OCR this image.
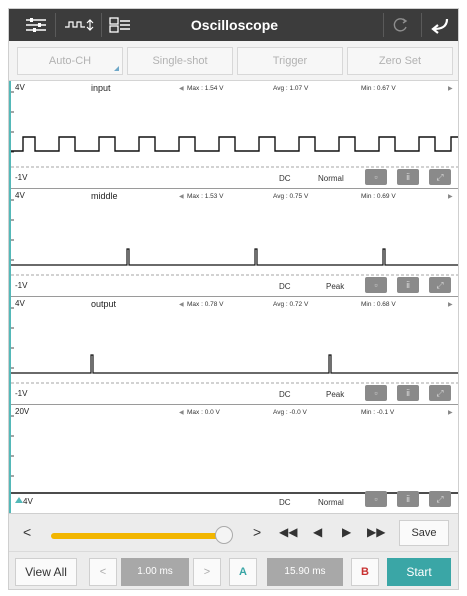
Oscilloscope
Auto-CH	Single-shot	Trigger	Zero Set
4V	input	◀ Max : 1.54 V	Avg : 1.07 V	Min : 0.67 V	▶
-1V	DC	Normal	▫	ⅱ	⤢
4V	middle	◀ Max : 1.53 V	Avg : 0.75 V	Min : 0.69 V	▶
-1V	DC	Peak	▫	ⅱ	⤢
4V	output	◀ Max : 0.78 V	Avg : 0.72 V	Min : 0.68 V	▶
-1V	DC	Peak	▫	ⅱ	⤢
20V	◀ Max : 0.0 V	Avg : -0.0 V	Min : -0.1 V	▶
4V	DC	Normal	▫	ⅱ	⤢
<	> ◀◀ ◀ ▶ ▶▶	Save
View All	<	1.00 ms	>	A	15.90 ms	B	Start
